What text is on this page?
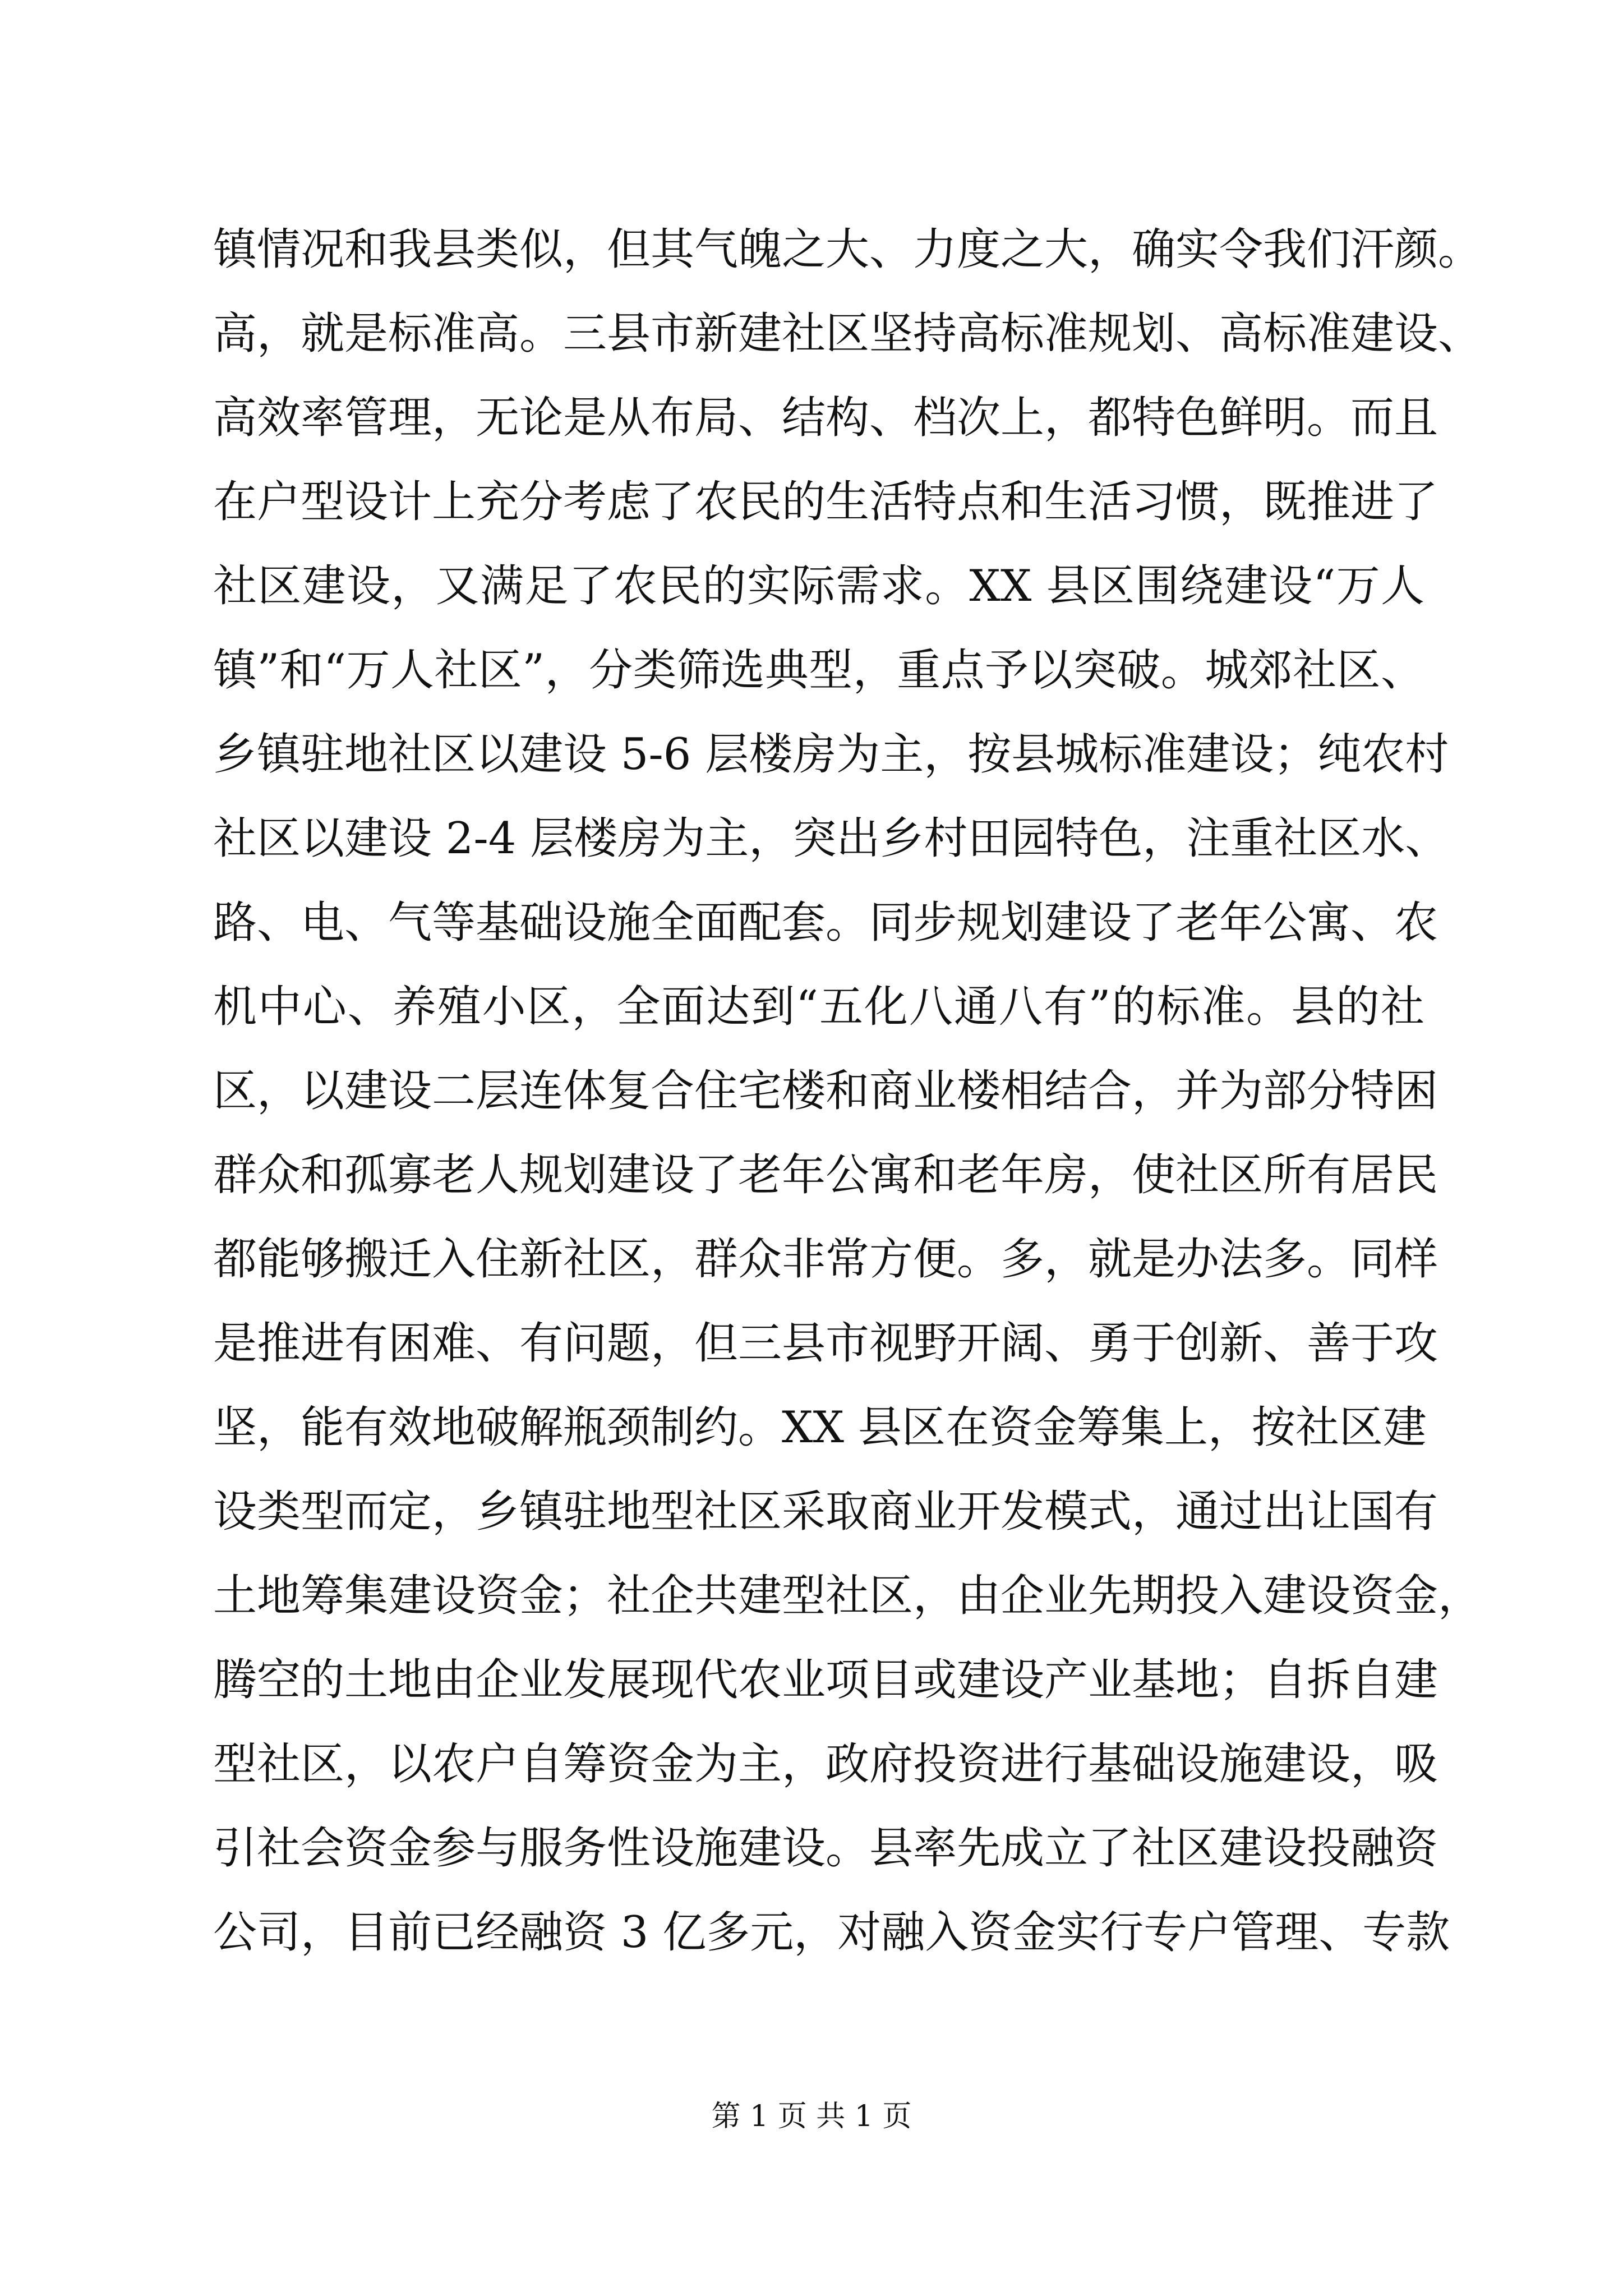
镇情况和我县类似，但其气魄之大、力度之大，确实令我们汗颜。
高，就是标准高。三县市新建社区坚持高标准规划、高标准建设、
高效率管理，无论是从布局、结构、档次上，都特色鲜明。而且
在户型设计上充分考虑了农民的生活特点和生活习惯，既推进了
社区建设，又满足了农民的实际需求。XX 县区围绕建设“万人
镇”和“万人社区”，分类筛选典型，重点予以突破。城郊社区、
乡镇驻地社区以建设 5-6 层楼房为主，按县城标准建设；纯农村
社区以建设 2-4 层楼房为主，突出乡村田园特色，注重社区水、
路、电、气等基础设施全面配套。同步规划建设了老年公寓、农
机中心、养殖小区，全面达到“五化八通八有”的标准。县的社
区，以建设二层连体复合住宅楼和商业楼相结合，并为部分特困
群众和孤寡老人规划建设了老年公寓和老年房，使社区所有居民
都能够搬迁入住新社区，群众非常方便。多，就是办法多。同样
是推进有困难、有问题，但三县市视野开阔、勇于创新、善于攻
坚，能有效地破解瓶颈制约。XX 县区在资金筹集上，按社区建
设类型而定，乡镇驻地型社区采取商业开发模式，通过出让国有
土地筹集建设资金；社企共建型社区，由企业先期投入建设资金，
腾空的土地由企业发展现代农业项目或建设产业基地；自拆自建
型社区，以农户自筹资金为主，政府投资进行基础设施建设，吸
引社会资金参与服务性设施建设。县率先成立了社区建设投融资
公司，目前已经融资 3 亿多元，对融入资金实行专户管理、专款
第 1 页 共 1 页
